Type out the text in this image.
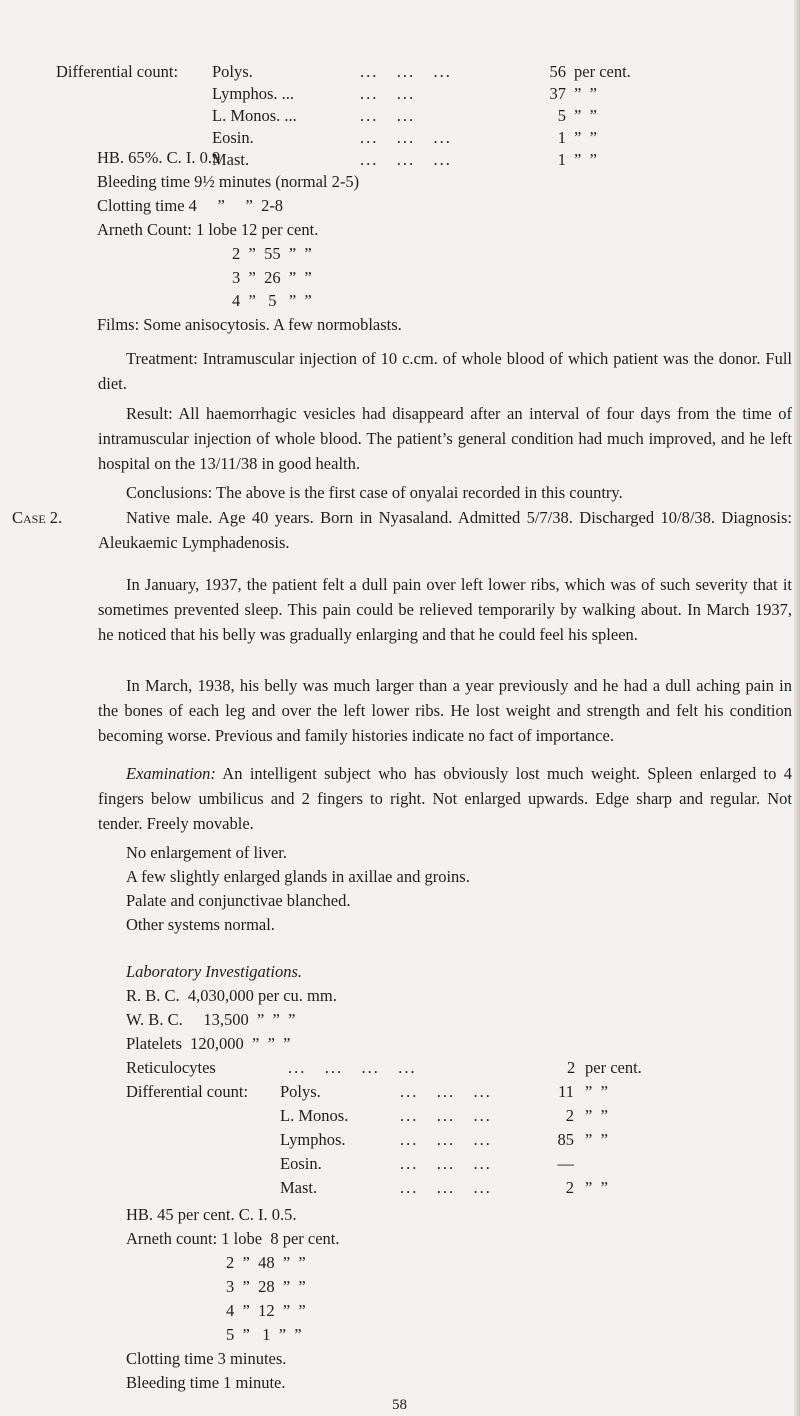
Differential count: Polys.	...   ...   ...	56 per cent.
Lymphos. ...	...   ...	37 ”  ”
L. Monos. ...	...   ...	5 ”  ”
Eosin.	...   ...   ...	1 ”  ”
Mast.	...   ...   ...	1 ”  ”
HB. 65%. C. I. 0.9
Bleeding time 9½ minutes (normal 2-5)
Clotting time 4     ”     ”  2-8
Arneth Count: 1 lobe 12 per cent.
2  ”  55  ”  ”
3  ”  26  ”  ”
4  ”   5   ”  ”
Films: Some anisocytosis. A few normoblasts.
Treatment: Intramuscular injection of 10 c.cm. of whole blood of which patient was the donor. Full diet.
Result: All haemorrhagic vesicles had disappeard after an interval of four days from the time of intramuscular injection of whole blood. The patient’s general condition had much improved, and he left hospital on the 13/11/38 in good health.
Conclusions: The above is the first case of onyalai recorded in this country.
Case 2.	Native male. Age 40 years. Born in Nyasaland. Admitted 5/7/38. Discharged 10/8/38. Diagnosis: Aleukaemic Lymphadenosis.
In January, 1937, the patient felt a dull pain over left lower ribs, which was of such severity that it sometimes prevented sleep. This pain could be relieved temporarily by walking about. In March 1937, he noticed that his belly was gradually enlarging and that he could feel his spleen.
In March, 1938, his belly was much larger than a year previously and he had a dull aching pain in the bones of each leg and over the left lower ribs. He lost weight and strength and felt his condition becoming worse. Previous and family histories indicate no fact of importance.
Examination: An intelligent subject who has obviously lost much weight. Spleen enlarged to 4 fingers below umbilicus and 2 fingers to right. Not enlarged upwards. Edge sharp and regular. Not tender. Freely movable.
No enlargement of liver.
A few slightly enlarged glands in axillae and groins.
Palate and conjunctivae blanched.
Other systems normal.
Laboratory Investigations.
R. B. C.  4,030,000 per cu. mm.
W. B. C.     13,500  ”  ”  ”
Platelets  120,000  ”  ”  ”
Reticulocytes	...   ...   ...   ...	2 per cent.
Differential count: Polys.	...   ...   ...	11 ”  ”
L. Monos.	...   ...   ...	2 ”  ”
Lymphos.	...   ...   ...	85 ”  ”
Eosin.	...   ...   ...	—
Mast.	...   ...   ...	2 ”  ”
HB. 45 per cent. C. I. 0.5.
Arneth count: 1 lobe  8 per cent.
2  ”  48  ”  ”
3  ”  28  ”  ”
4  ”  12  ”  ”
5  ”   1  ”  ”
Clotting time 3 minutes.
Bleeding time 1 minute.
58
